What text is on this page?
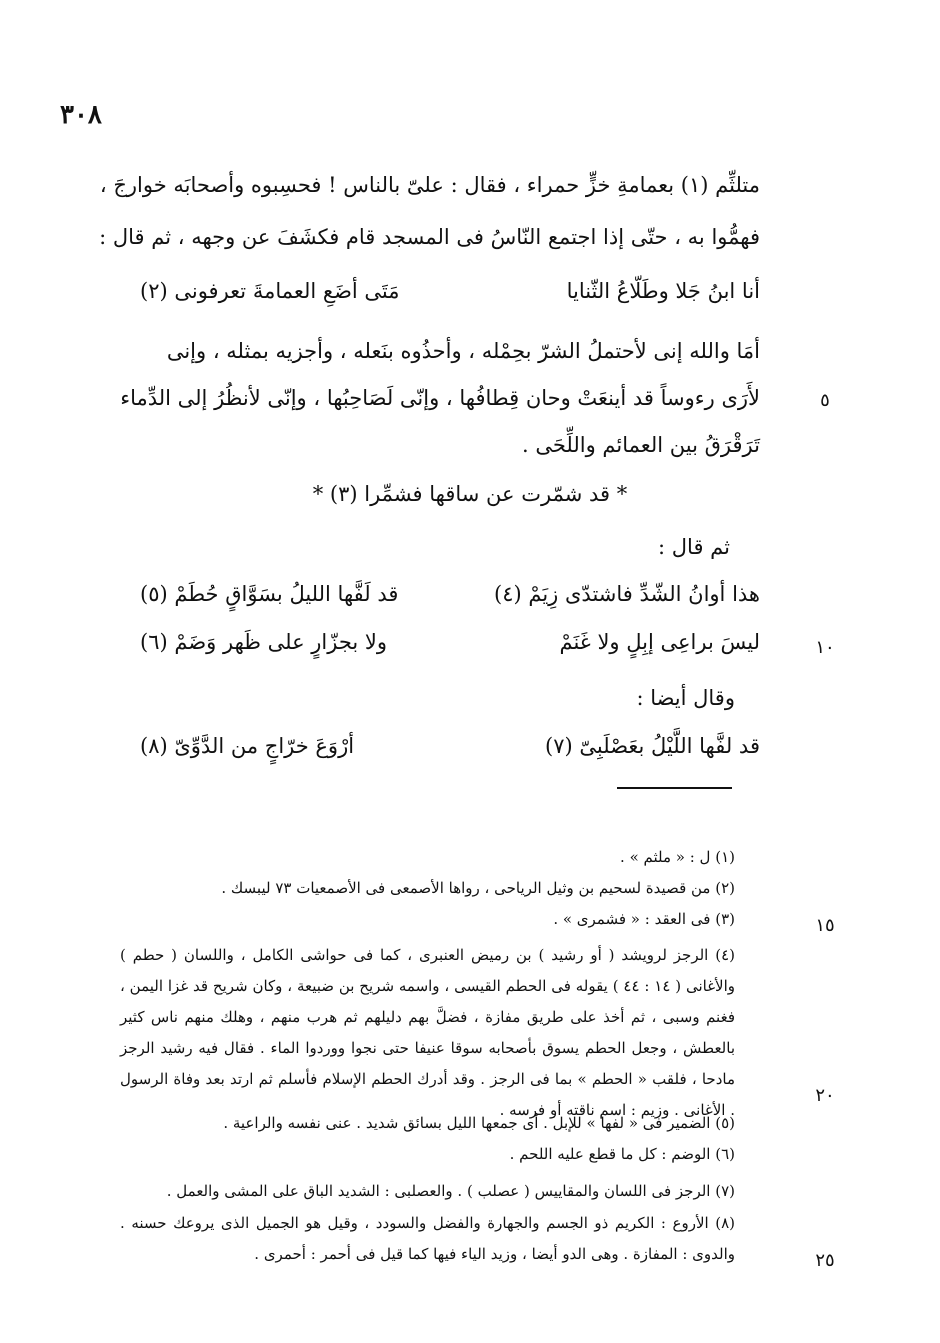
٣٠٨
متلثِّم (١) بعمامةِ خزٍّ حمراء ، فقال : علىّ بالناس ! فحسِبوه وأصحابَه خوارجَ ،
فهمُّوا به ، حتّى إذا اجتمع النّاسُ فى المسجد قام فكشَفَ عن وجهه ، ثم قال :
أنا ابنُ جَلا وطَلّاعُ الثّنايا
مَتَى أضَعِ العمامةَ تعرفونى (٢)
أمَا والله إنى لأحتملُ الشرّ بحِمْله ، وأحذُوه بنَعله ، وأجزيه بمثله ، وإنى
لأَرَى رءوساً قد أينعَتْ وحان قِطافُها ، وإنّى لَصَاحِبُها ، وإنّى لأنظُرُ إلى الدِّماء
تَرَقْرَقُ بين العمائم واللِّحَى .
* قد شمّرت عن ساقها فشمِّرا (٣) *
ثم قال :
هذا أوانُ الشّدِّ فاشتدّى زِيَمْ (٤)
قد لَفَّها الليلُ بسَوَّاقٍ حُطَمْ (٥)
ليسَ براعِى إبِلٍ ولا غَنَمْ
ولا بجزّارٍ على ظَهر وَضَمْ (٦)
وقال أيضا :
قد لفَّها اللَّيْلُ بعَصْلَبِىّ (٧)
أرْوَعَ خرّاجٍ من الدَّوِّىّ (٨)
٥
١٠
١٥
٢٠
٢٥
(١) ل : « ملثم » .
(٢) من قصيدة لسحيم بن وثيل الرياحى ، رواها الأصمعى فى الأصمعيات ٧٣ ليبسك .
(٣) فى العقد : « فشمرى » .
(٤) الرجز لرويشد ( أو رشيد ) بن رميض العنبرى ، كما فى حواشى الكامل ، واللسان ( حطم ) والأغانى ( ١٤ : ٤٤ ) يقوله فى الحطم القيسى ، واسمه شريح بن ضبيعة ، وكان شريح قد غزا اليمن ، فغنم وسبى ، ثم أخذ على طريق مفازة ، فضلَّ بهم دليلهم ثم هرب منهم ، وهلك منهم ناس كثير بالعطش ، وجعل الحطم يسوق بأصحابه سوقا عنيفا حتى نجوا ووردوا الماء . فقال فيه رشيد الرجز مادحا ، فلقب « الحطم » بما فى الرجز . وقد أدرك الحطم الإسلام فأسلم ثم ارتد بعد وفاة الرسول . الأغانى . وزيم : اسم ناقته أو فرسه .
(٥) الضمير فى « لفها » للإبل . أى جمعها الليل بسائق شديد . عنى نفسه والراعية .
(٦) الوضم : كل ما قطع عليه اللحم .
(٧) الرجز فى اللسان والمقاييس ( عصلب ) . والعصلبى : الشديد الباق على المشى والعمل .
(٨) الأروع : الكريم ذو الجسم والجهارة والفضل والسودد ، وقيل هو الجميل الذى يروعك حسنه . والدوى : المفازة . وهى الدو أيضا ، وزيد الياء فيها كما قيل فى أحمر : أحمرى .
